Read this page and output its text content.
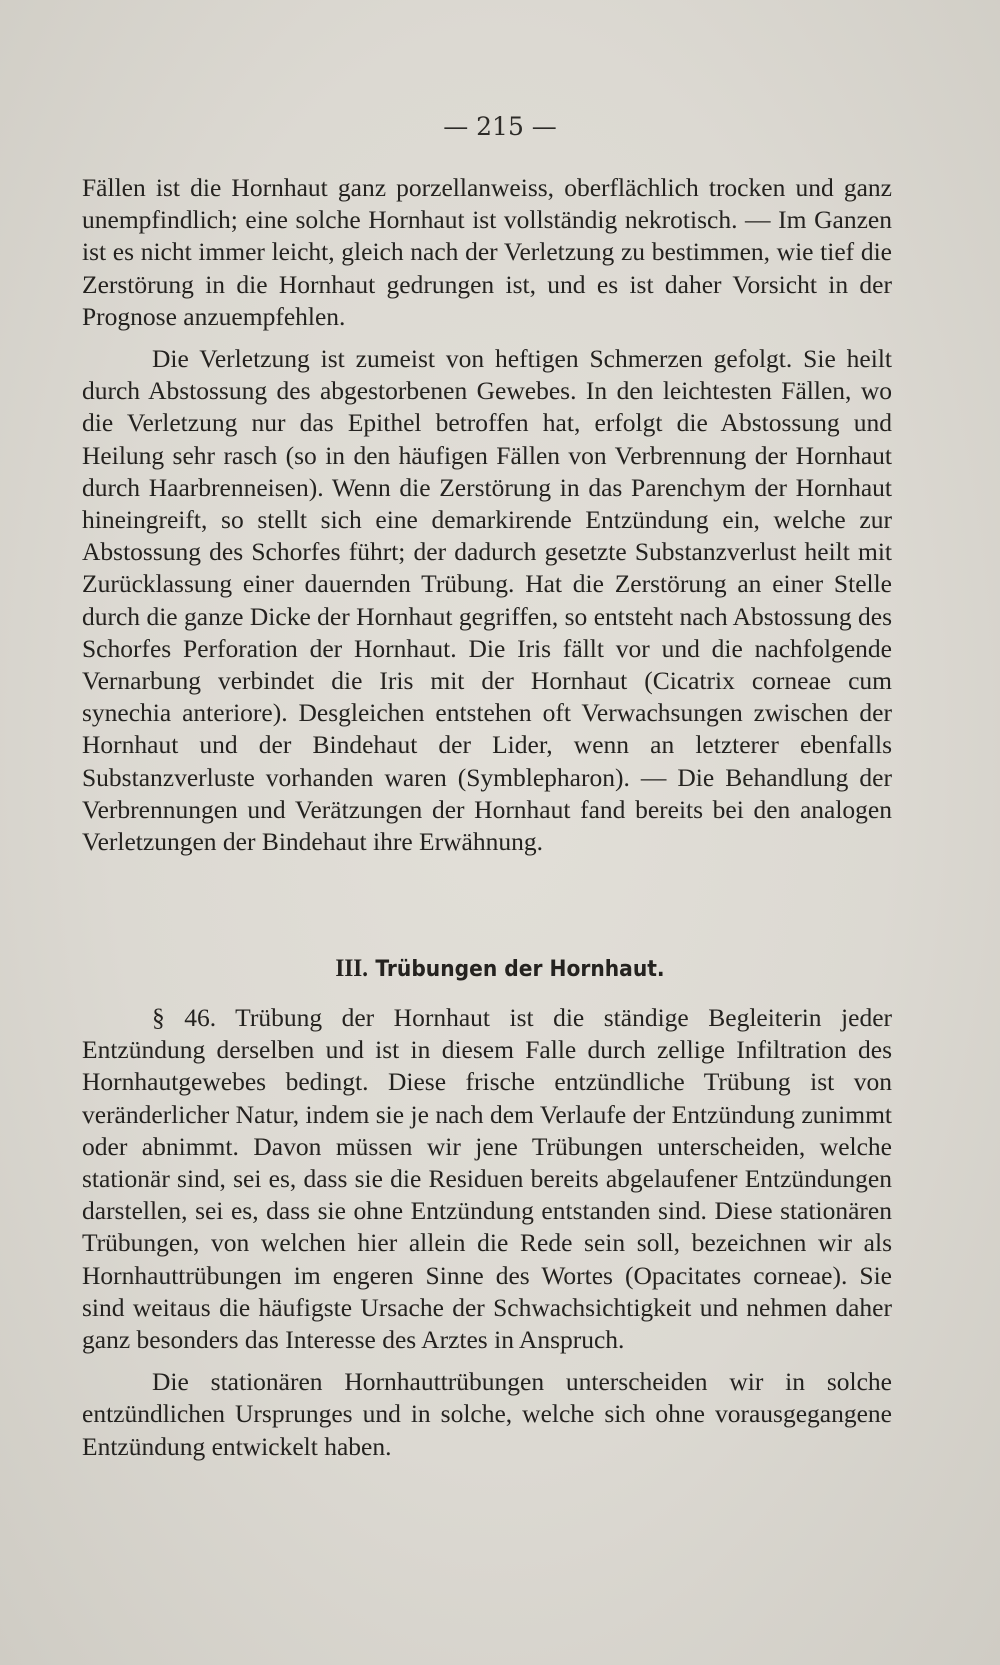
— 215 —

Fällen ist die Hornhaut ganz porzellanweiss, oberflächlich trocken und ganz unempfindlich; eine solche Hornhaut ist vollständig nekrotisch. — Im Ganzen ist es nicht immer leicht, gleich nach der Verletzung zu bestimmen, wie tief die Zerstörung in die Hornhaut gedrungen ist, und es ist daher Vorsicht in der Prognose anzuempfehlen.

Die Verletzung ist zumeist von heftigen Schmerzen gefolgt. Sie heilt durch Abstossung des abgestorbenen Gewebes. In den leichtesten Fällen, wo die Verletzung nur das Epithel betroffen hat, erfolgt die Abstossung und Heilung sehr rasch (so in den häufigen Fällen von Verbrennung der Hornhaut durch Haarbrenneisen). Wenn die Zerstörung in das Parenchym der Hornhaut hineingreift, so stellt sich eine demarkirende Entzündung ein, welche zur Abstossung des Schorfes führt; der dadurch gesetzte Substanzverlust heilt mit Zurücklassung einer dauernden Trübung. Hat die Zerstörung an einer Stelle durch die ganze Dicke der Hornhaut gegriffen, so entsteht nach Abstossung des Schorfes Perforation der Hornhaut. Die Iris fällt vor und die nachfolgende Vernarbung verbindet die Iris mit der Hornhaut (Cicatrix corneae cum synechia anteriore). Desgleichen entstehen oft Verwachsungen zwischen der Hornhaut und der Bindehaut der Lider, wenn an letzterer ebenfalls Substanzverluste vorhanden waren (Symblepharon). — Die Behandlung der Verbrennungen und Verätzungen der Hornhaut fand bereits bei den analogen Verletzungen der Bindehaut ihre Erwähnung.

III. Trübungen der Hornhaut.

§ 46. Trübung der Hornhaut ist die ständige Begleiterin jeder Entzündung derselben und ist in diesem Falle durch zellige Infiltration des Hornhautgewebes bedingt. Diese frische entzündliche Trübung ist von veränderlicher Natur, indem sie je nach dem Verlaufe der Entzündung zunimmt oder abnimmt. Davon müssen wir jene Trübungen unterscheiden, welche stationär sind, sei es, dass sie die Residuen bereits abgelaufener Entzündungen darstellen, sei es, dass sie ohne Entzündung entstanden sind. Diese stationären Trübungen, von welchen hier allein die Rede sein soll, bezeichnen wir als Hornhauttrübungen im engeren Sinne des Wortes (Opacitates corneae). Sie sind weitaus die häufigste Ursache der Schwachsichtigkeit und nehmen daher ganz besonders das Interesse des Arztes in Anspruch.

Die stationären Hornhauttrübungen unterscheiden wir in solche entzündlichen Ursprunges und in solche, welche sich ohne vorausgegangene Entzündung entwickelt haben.
